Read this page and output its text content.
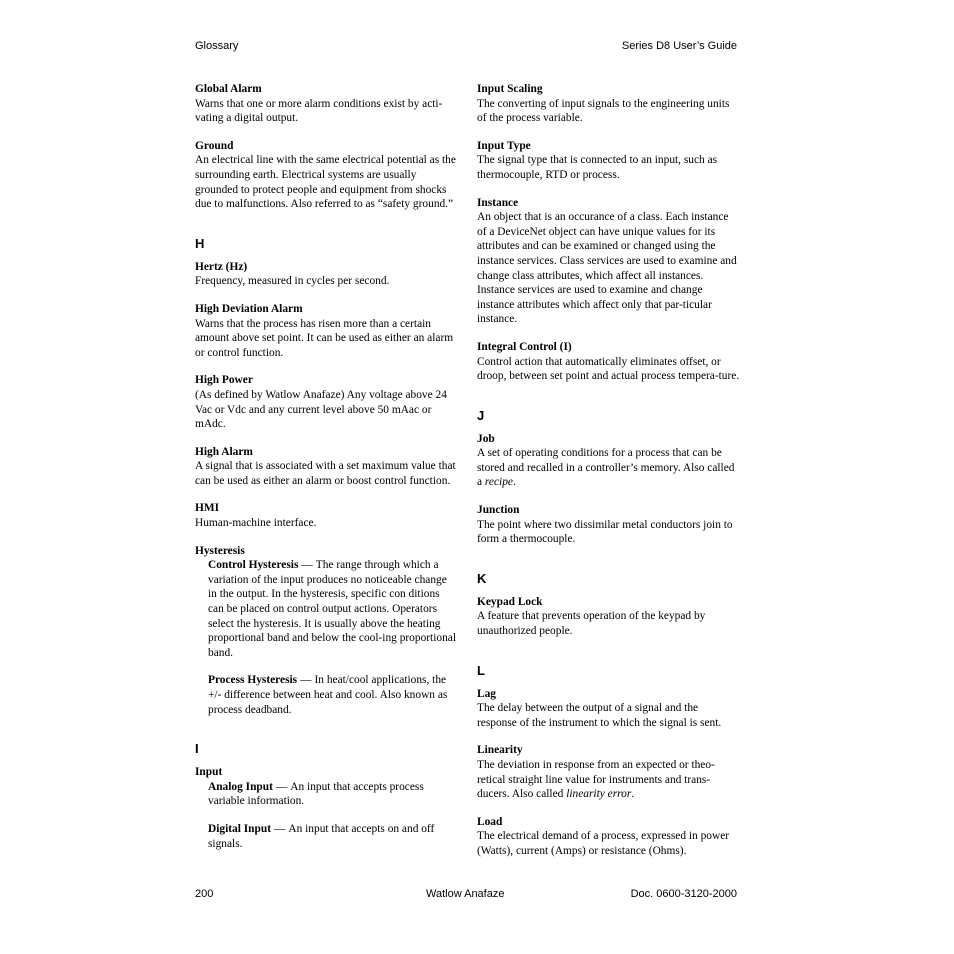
Glossary	Series D8 User’s Guide
Global Alarm
Warns that one or more alarm conditions exist by acti-vating a digital output.
Ground
An electrical line with the same electrical potential as the surrounding earth. Electrical systems are usually grounded to protect people and equipment from shocks due to malfunctions. Also referred to as “safety ground.”
H
Hertz (Hz)
Frequency, measured in cycles per second.
High Deviation Alarm
Warns that the process has risen more than a certain amount above set point. It can be used as either an alarm or control function.
High Power
(As defined by Watlow Anafaze) Any voltage above 24 Vac or Vdc and any current level above 50 mAac or mAdc.
High Alarm
A signal that is associated with a set maximum value that can be used as either an alarm or boost control function.
HMI
Human-machine interface.
Hysteresis
Control Hysteresis — The range through which a variation of the input produces no noticeable change in the output. In the hysteresis, specific con ditions can be placed on control output actions. Operators select the hysteresis. It is usually above the heating proportional band and below the cool-ing proportional band.
Process Hysteresis — In heat/cool applications, the +/- difference between heat and cool. Also known as process deadband.
I
Input
Analog Input — An input that accepts process variable information.
Digital Input — An input that accepts on and off signals.
Input Scaling
The converting of input signals to the engineering units of the process variable.
Input Type
The signal type that is connected to an input, such as thermocouple, RTD or process.
Instance
An object that is an occurance of a class. Each instance of a DeviceNet object can have unique values for its attributes and can be examined or changed using the instance services. Class services are used to examine and change class attributes, which affect all instances. Instance services are used to examine and change instance attributes which affect only that par-ticular instance.
Integral Control (I)
Control action that automatically eliminates offset, or droop, between set point and actual process tempera-ture.
J
Job
A set of operating conditions for a process that can be stored and recalled in a controller’s memory. Also called a recipe.
Junction
The point where two dissimilar metal conductors join to form a thermocouple.
K
Keypad Lock
A feature that prevents operation of the keypad by unauthorized people.
L
Lag
The delay between the output of a signal and the response of the instrument to which the signal is sent.
Linearity
The deviation in response from an expected or theo-retical straight line value for instruments and trans-ducers. Also called linearity error.
Load
The electrical demand of a process, expressed in power (Watts), current (Amps) or resistance (Ohms).
200	Watlow Anafaze	Doc. 0600-3120-2000
